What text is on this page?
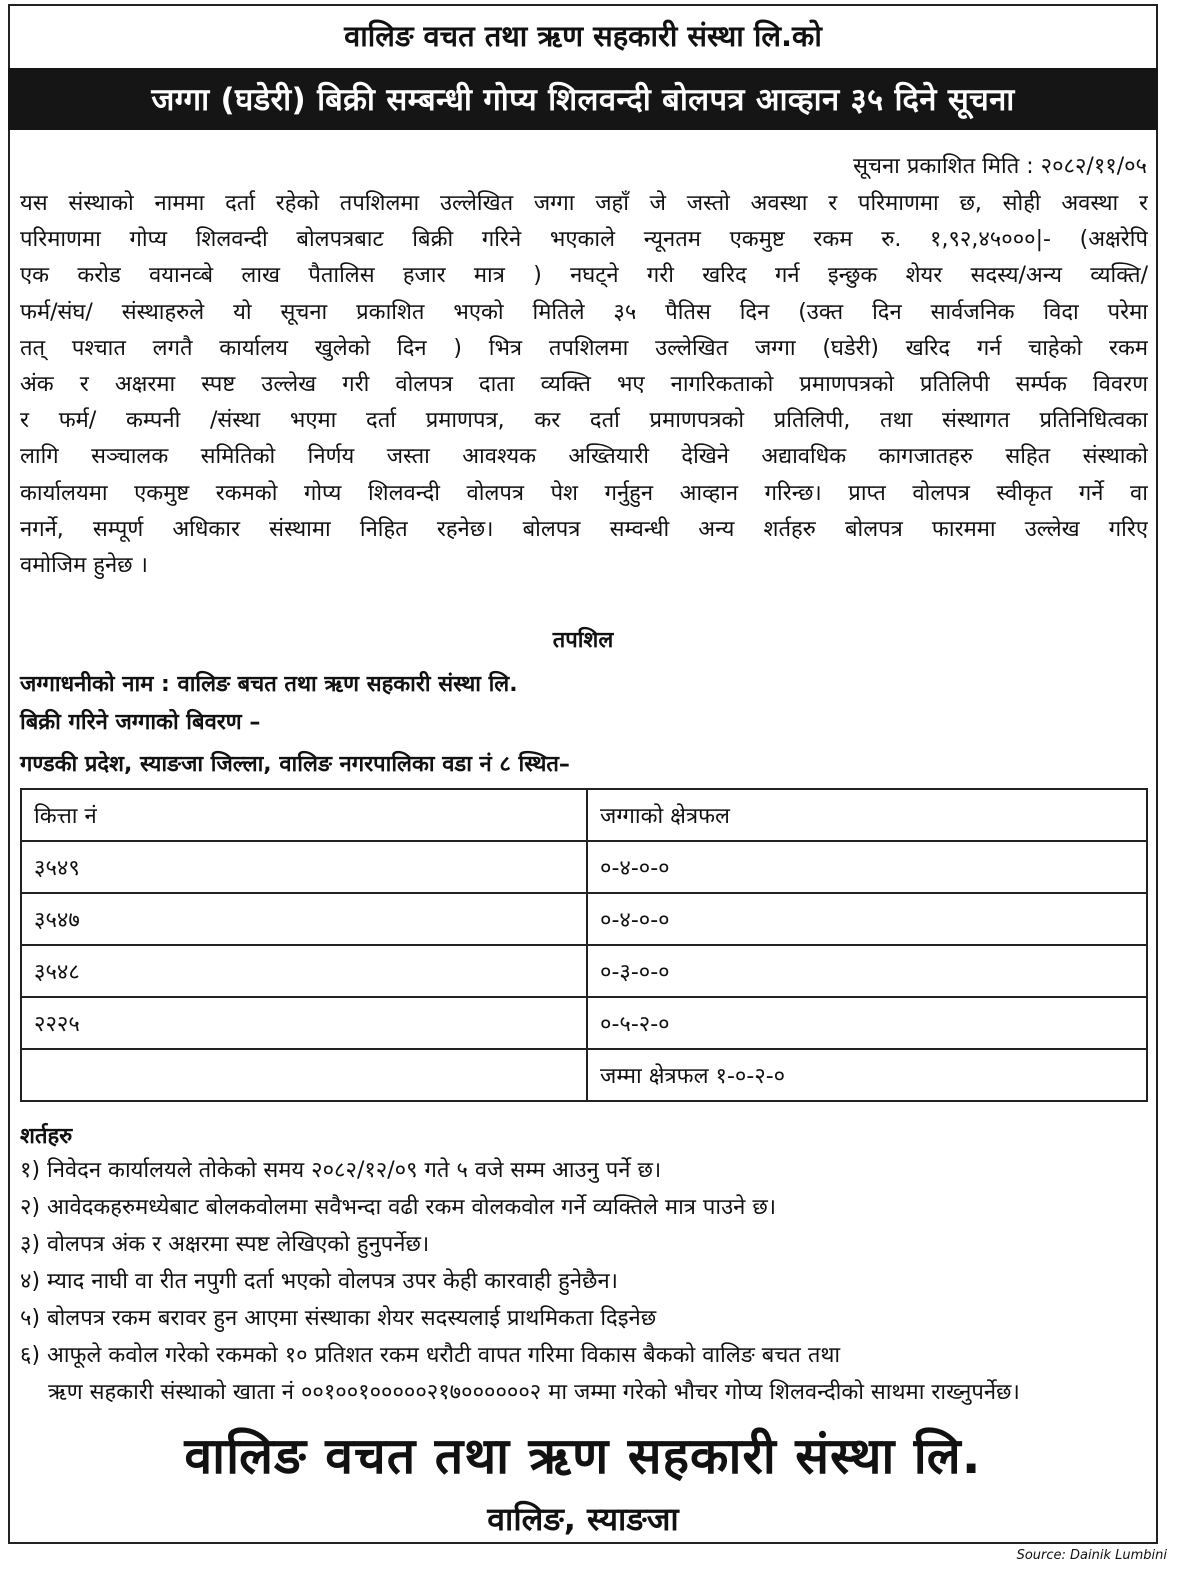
वालिङ वचत तथा ऋण सहकारी संस्था लि.को
जग्गा (घडेरी) बिक्री सम्बन्धी गोप्य शिलवन्दी बोलपत्र आव्हान ३५ दिने सूचना
सूचना प्रकाशित मिति : २०८२/११/०५
यस संस्थाको नाममा दर्ता रहेको तपशिलमा उल्लेखित जग्गा जहाँ जे जस्तो अवस्था र परिमाणमा छ, सोही अवस्था र
परिमाणमा गोप्य शिलवन्दी बोलपत्रबाट बिक्री गरिने भएकाले न्यूनतम एकमुष्ट रकम रु. १,९२,४५०००|- (अक्षरेपि
एक करोड वयानव्बे लाख पैतालिस हजार मात्र ) नघट्ने गरी खरिद गर्न इन्छुक शेयर सदस्य/अन्य व्यक्ति/
फर्म/संघ/ संस्थाहरुले यो सूचना प्रकाशित भएको मितिले ३५ पैतिस दिन (उक्त दिन सार्वजनिक विदा परेमा
तत् पश्चात लगतै कार्यालय खुलेको दिन ) भित्र तपशिलमा उल्लेखित जग्गा (घडेरी) खरिद गर्न चाहेको रकम
अंक र अक्षरमा स्पष्ट उल्लेख गरी वोलपत्र दाता व्यक्ति भए नागरिकताको प्रमाणपत्रको प्रतिलिपी सर्म्पक विवरण
र फर्म/ कम्पनी /संस्था भएमा दर्ता प्रमाणपत्र, कर दर्ता प्रमाणपत्रको प्रतिलिपी, तथा संस्थागत प्रतिनिधित्वका
लागि सञ्चालक समितिको निर्णय जस्ता आवश्यक अख्तियारी देखिने अद्यावधिक कागजातहरु सहित संस्थाको
कार्यालयमा एकमुष्ट रकमको गोप्य शिलवन्दी वोलपत्र पेश गर्नुहुन आव्हान गरिन्छ। प्राप्त वोलपत्र स्वीकृत गर्ने वा
नगर्ने, सम्पूर्ण अधिकार संस्थामा निहित रहनेछ। बोलपत्र सम्वन्धी अन्य शर्तहरु बोलपत्र फारममा उल्लेख गरिए
वमोजिम हुनेछ ।
तपशिल
जग्गाधनीको नाम : वालिङ बचत तथा ऋण सहकारी संस्था लि.
बिक्री गरिने जग्गाको बिवरण –
गण्डकी प्रदेश, स्याङजा जिल्ला, वालिङ नगरपालिका वडा नं ८ स्थित–
कित्ता नं	जग्गाको क्षेत्रफल
३५४९	०-४-०-०
३५४७	०-४-०-०
३५४८	०-३-०-०
२२२५	०-५-२-०
	जम्मा क्षेत्रफल १-०-२-०
शर्तहरु
१) निवेदन कार्यालयले तोकेको समय २०८२/१२/०९ गते ५ वजे सम्म आउनु पर्ने छ।
२) आवेदकहरुमध्येबाट बोलकवोलमा सवैभन्दा वढी रकम वोलकवोल गर्ने व्यक्तिले मात्र पाउने छ।
३) वोलपत्र अंक र अक्षरमा स्पष्ट लेखिएको हुनुपर्नेछ।
४) म्याद नाघी वा रीत नपुगी दर्ता भएको वोलपत्र उपर केही कारवाही हुनेछैन।
५) बोलपत्र रकम बरावर हुन आएमा संस्थाका शेयर सदस्यलाई प्राथमिकता दिइनेछ
६) आफूले कवोल गरेको रकमको १० प्रतिशत रकम धरौटी वापत गरिमा विकास बैकको वालिङ बचत तथा
ऋण सहकारी संस्थाको खाता नं ००१००१०००००२१७००००००२ मा जम्मा गरेको भौचर गोप्य शिलवन्दीको साथमा राख्नुपर्नेछ।
वालिङ वचत तथा ऋण सहकारी संस्था लि.
वालिङ, स्याङजा
Source: Dainik Lumbini
